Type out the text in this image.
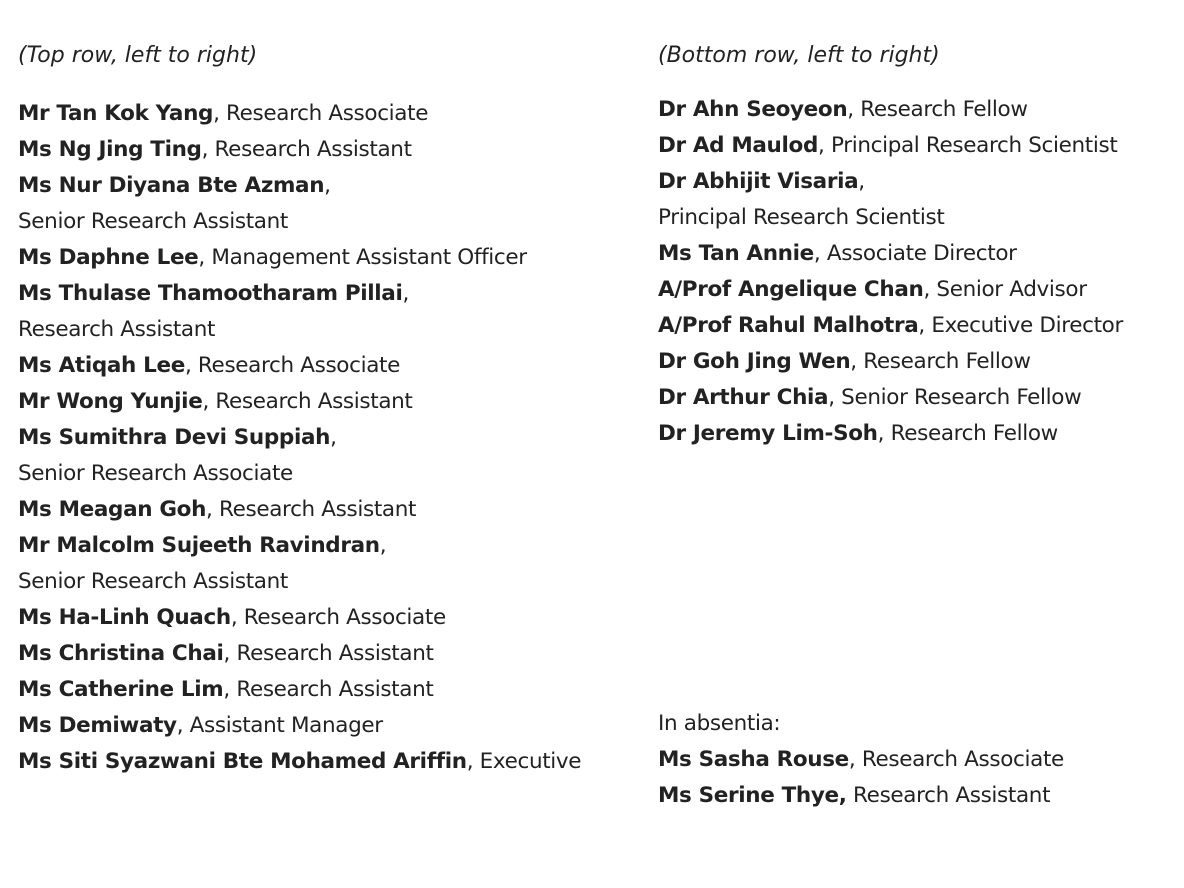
(Top row, left to right)	(Bottom row, left to right)

Mr Tan Kok Yang, Research Associate
Ms Ng Jing Ting, Research Assistant
Ms Nur Diyana Bte Azman,
Senior Research Assistant
Ms Daphne Lee, Management Assistant Officer
Ms Thulase Thamootharam Pillai,
Research Assistant
Ms Atiqah Lee, Research Associate
Mr Wong Yunjie, Research Assistant
Ms Sumithra Devi Suppiah,
Senior Research Associate
Ms Meagan Goh, Research Assistant
Mr Malcolm Sujeeth Ravindran,
Senior Research Assistant
Ms Ha-Linh Quach, Research Associate
Ms Christina Chai, Research Assistant
Ms Catherine Lim, Research Assistant
Ms Demiwaty, Assistant Manager
Ms Siti Syazwani Bte Mohamed Ariffin, Executive
Dr Ahn Seoyeon, Research Fellow
Dr Ad Maulod, Principal Research Scientist
Dr Abhijit Visaria,
Principal Research Scientist
Ms Tan Annie, Associate Director
A/Prof Angelique Chan, Senior Advisor
A/Prof Rahul Malhotra, Executive Director
Dr Goh Jing Wen, Research Fellow
Dr Arthur Chia, Senior Research Fellow
Dr Jeremy Lim-Soh, Research Fellow
In absentia:
Ms Sasha Rouse, Research Associate
Ms Serine Thye, Research Assistant
